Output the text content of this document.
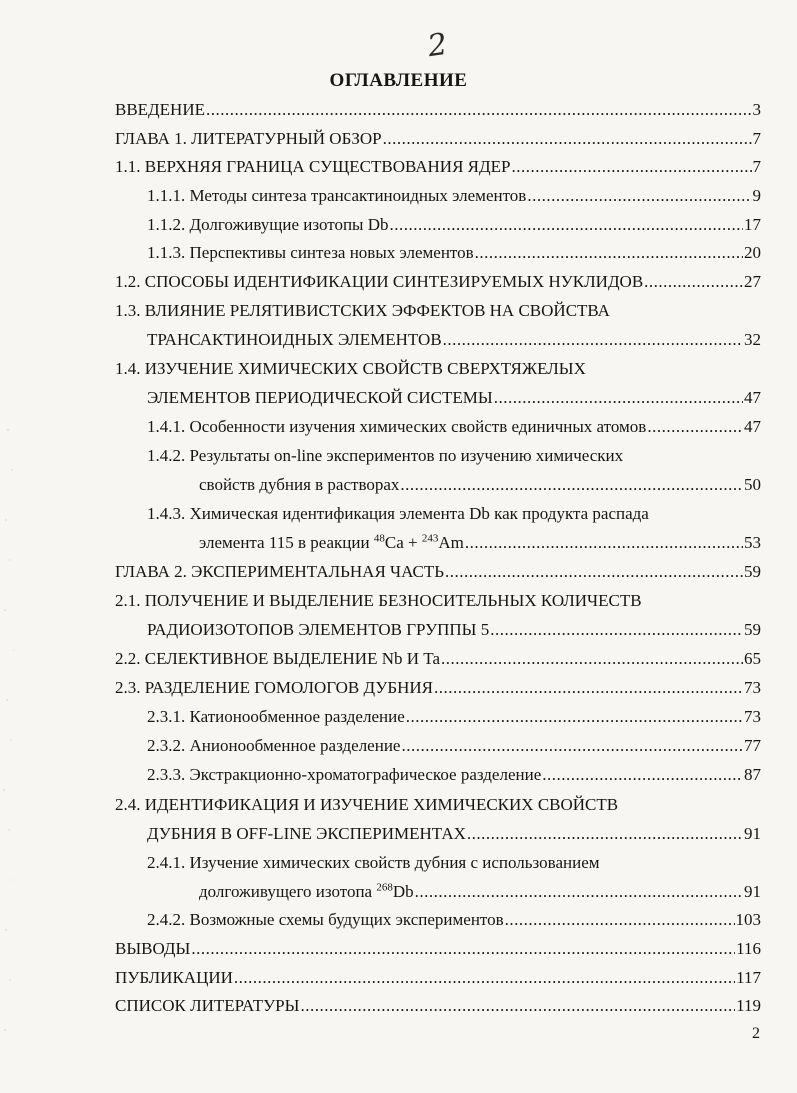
2
ОГЛАВЛЕНИЕ
ВВЕДЕНИЕ .....	3
ГЛАВА 1. ЛИТЕРАТУРНЫЙ ОБЗОР .....	7
1.1. ВЕРХНЯЯ ГРАНИЦА СУЩЕСТВОВАНИЯ ЯДЕР .....	7
1.1.1. Методы синтеза трансактиноидных элементов .....	9
1.1.2. Долгоживущие изотопы Db .....	17
1.1.3. Перспективы синтеза новых элементов .....	20
1.2. СПОСОБЫ ИДЕНТИФИКАЦИИ СИНТЕЗИРУЕМЫХ НУКЛИДОВ .....	27
1.3. ВЛИЯНИЕ РЕЛЯТИВИСТСКИХ ЭФФЕКТОВ НА СВОЙСТВА
ТРАНСАКТИНОИДНЫХ ЭЛЕМЕНТОВ .....	32
1.4. ИЗУЧЕНИЕ ХИМИЧЕСКИХ СВОЙСТВ СВЕРХТЯЖЕЛЫХ
ЭЛЕМЕНТОВ ПЕРИОДИЧЕСКОЙ СИСТЕМЫ .....	47
1.4.1. Особенности изучения химических свойств единичных атомов .....	47
1.4.2. Результаты on-line экспериментов по изучению химических
свойств дубния в растворах .....	50
1.4.3. Химическая идентификация элемента Db как продукта распада
элемента 115 в реакции $^{48}$Ca + $^{243}$Am .....	53
ГЛАВА 2. ЭКСПЕРИМЕНТАЛЬНАЯ ЧАСТЬ .....	59
2.1. ПОЛУЧЕНИЕ И ВЫДЕЛЕНИЕ БЕЗНОСИТЕЛЬНЫХ КОЛИЧЕСТВ
РАДИОИЗОТОПОВ ЭЛЕМЕНТОВ ГРУППЫ 5 .....	59
2.2. СЕЛЕКТИВНОЕ ВЫДЕЛЕНИЕ Nb И Ta .....	65
2.3. РАЗДЕЛЕНИЕ ГОМОЛОГОВ ДУБНИЯ .....	73
2.3.1. Катионообменное разделение .....	73
2.3.2. Анионообменное разделение .....	77
2.3.3. Экстракционно-хроматографическое разделение .....	87
2.4. ИДЕНТИФИКАЦИЯ И ИЗУЧЕНИЕ ХИМИЧЕСКИХ СВОЙСТВ
ДУБНИЯ В OFF-LINE ЭКСПЕРИМЕНТАХ .....	91
2.4.1. Изучение химических свойств дубния с использованием
долгоживущего изотопа $^{268}$Db .....	91
2.4.2. Возможные схемы будущих экспериментов .....	103
ВЫВОДЫ .....	116
ПУБЛИКАЦИИ .....	117
СПИСОК ЛИТЕРАТУРЫ .....	119
2
